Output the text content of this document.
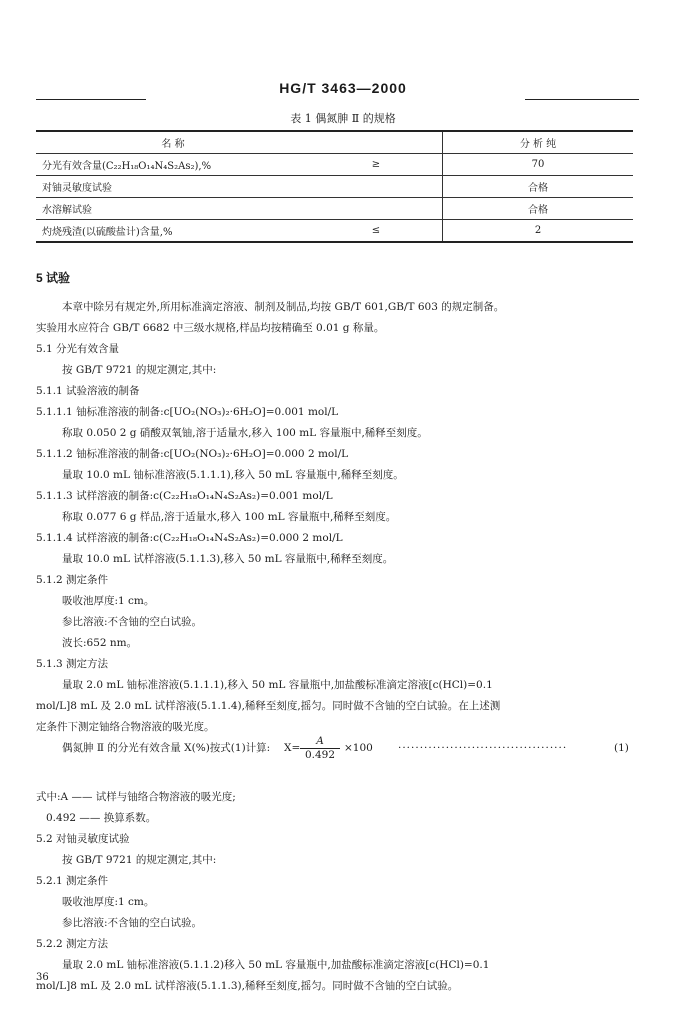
HG/T 3463—2000
表 1 偶氮胂 Ⅱ 的规格
名 称		分 析 纯
分光有效含量(C₂₂H₁₈O₁₄N₄S₂As₂),%	≥	70
对铀灵敏度试验		合格
水溶解试验		合格
灼烧残渣(以硫酸盐计)含量,%	≤	2

5 试验

本章中除另有规定外,所用标准滴定溶液、制剂及制品,均按 GB/T 601,GB/T 603 的规定制备。

实验用水应符合 GB/T 6682 中三级水规格,样品均按精确至 0.01 g 称量。

5.1 分光有效含量

按 GB/T 9721 的规定测定,其中:

5.1.1 试验溶液的制备

5.1.1.1 铀标准溶液的制备:c[UO₂(NO₃)₂·6H₂O]=0.001 mol/L

称取 0.050 2 g 硝酸双氧铀,溶于适量水,移入 100 mL 容量瓶中,稀释至刻度。

5.1.1.2 铀标准溶液的制备:c[UO₂(NO₃)₂·6H₂O]=0.000 2 mol/L

量取 10.0 mL 铀标准溶液(5.1.1.1),移入 50 mL 容量瓶中,稀释至刻度。

5.1.1.3 试样溶液的制备:c(C₂₂H₁₈O₁₄N₄S₂As₂)=0.001 mol/L

称取 0.077 6 g 样品,溶于适量水,移入 100 mL 容量瓶中,稀释至刻度。

5.1.1.4 试样溶液的制备:c(C₂₂H₁₈O₁₄N₄S₂As₂)=0.000 2 mol/L

量取 10.0 mL 试样溶液(5.1.1.3),移入 50 mL 容量瓶中,稀释至刻度。

5.1.2 测定条件

吸收池厚度:1 cm。

参比溶液:不含铀的空白试验。

波长:652 nm。

5.1.3 测定方法

量取 2.0 mL 铀标准溶液(5.1.1.1),移入 50 mL 容量瓶中,加盐酸标准滴定溶液[c(HCl)=0.1

mol/L]8 mL 及 2.0 mL 试样溶液(5.1.1.4),稀释至刻度,摇匀。同时做不含铀的空白试验。在上述测

定条件下测定铀络合物溶液的吸光度。

偶氮胂 Ⅱ 的分光有效含量 X(%)按式(1)计算:

式中:A —— 试样与铀络合物溶液的吸光度;

0.492 —— 换算系数。

5.2 对铀灵敏度试验

按 GB/T 9721 的规定测定,其中:

5.2.1 测定条件

吸收池厚度:1 cm。

参比溶液:不含铀的空白试验。

5.2.2 测定方法

量取 2.0 mL 铀标准溶液(5.1.1.2)移入 50 mL 容量瓶中,加盐酸标准滴定溶液[c(HCl)=0.1

mol/L]8 mL 及 2.0 mL 试样溶液(5.1.1.3),稀释至刻度,摇匀。同时做不含铀的空白试验。

$X= \frac{A}{0.492} \times 100$ ·······································	(1)
36
